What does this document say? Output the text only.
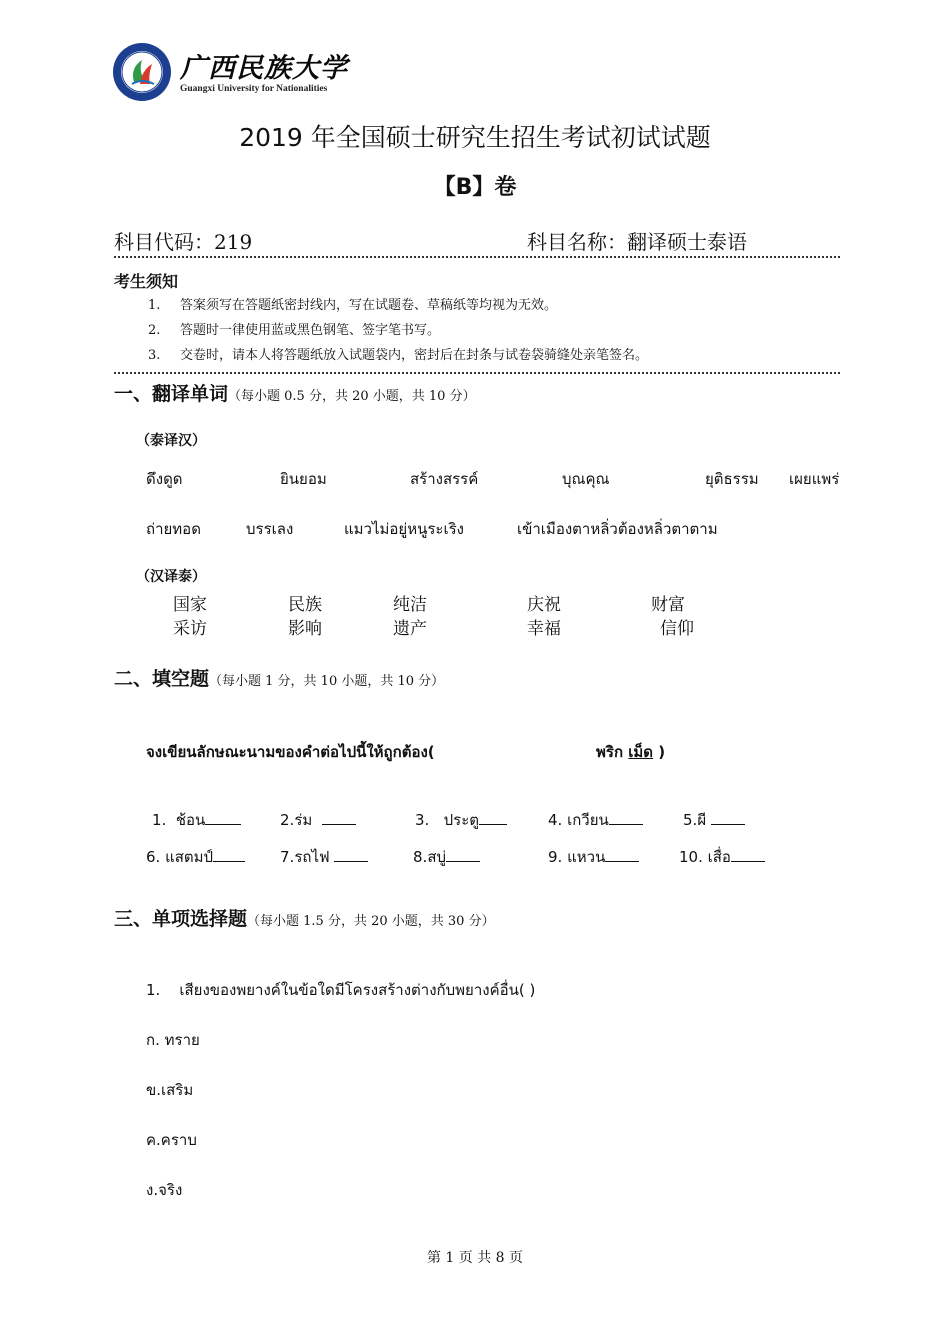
广西民族大学
Guangxi University for Nationalities
2019 年全国硕士研究生招生考试初试试题
【B】卷
科目代码：219	科目名称：翻译硕士泰语
考生须知
1. 答案须写在答题纸密封线内，写在试题卷、草稿纸等均视为无效。
2. 答题时一律使用蓝或黑色钢笔、签字笔书写。
3. 交卷时，请本人将答题纸放入试题袋内，密封后在封条与试卷袋骑缝处亲笔签名。
一、翻译单词（每小题 0.5 分，共 20 小题，共 10 分）
（泰译汉）
ดึงดูด	ยินยอม	สร้างสรรค์	บุณคุณ	ยุติธรรม เผยแพร่
ถ่ายทอด	บรรเลง	แมวไม่อยู่หนูระเริง	เข้าเมืองตาหลิ่วต้องหลิ่วตาตาม
（汉译泰）
国家	民族	纯洁	庆祝	财富
采访	影响	遗产	幸福	信仰
二、填空题（每小题 1 分，共 10 小题，共 10 分）
จงเขียนลักษณะนามของคำต่อไปนี้ให้ถูกต้อง(	พริก เม็ด )
1. ช้อน	2.ร่ม	3. ประตู	4. เกวียน	5.ผี
6. แสตมป์	7.รถไฟ	8.สบู่	9. แหวน	10. เสื่อ
三、单项选择题（每小题 1.5 分，共 20 小题，共 30 分）
1. เสียงของพยางค์ในข้อใดมีโครงสร้างต่างกับพยางค์อื่น( )
ก. ทราย
ข.เสริม
ค.คราบ
ง.จริง
第 1 页 共 8 页
